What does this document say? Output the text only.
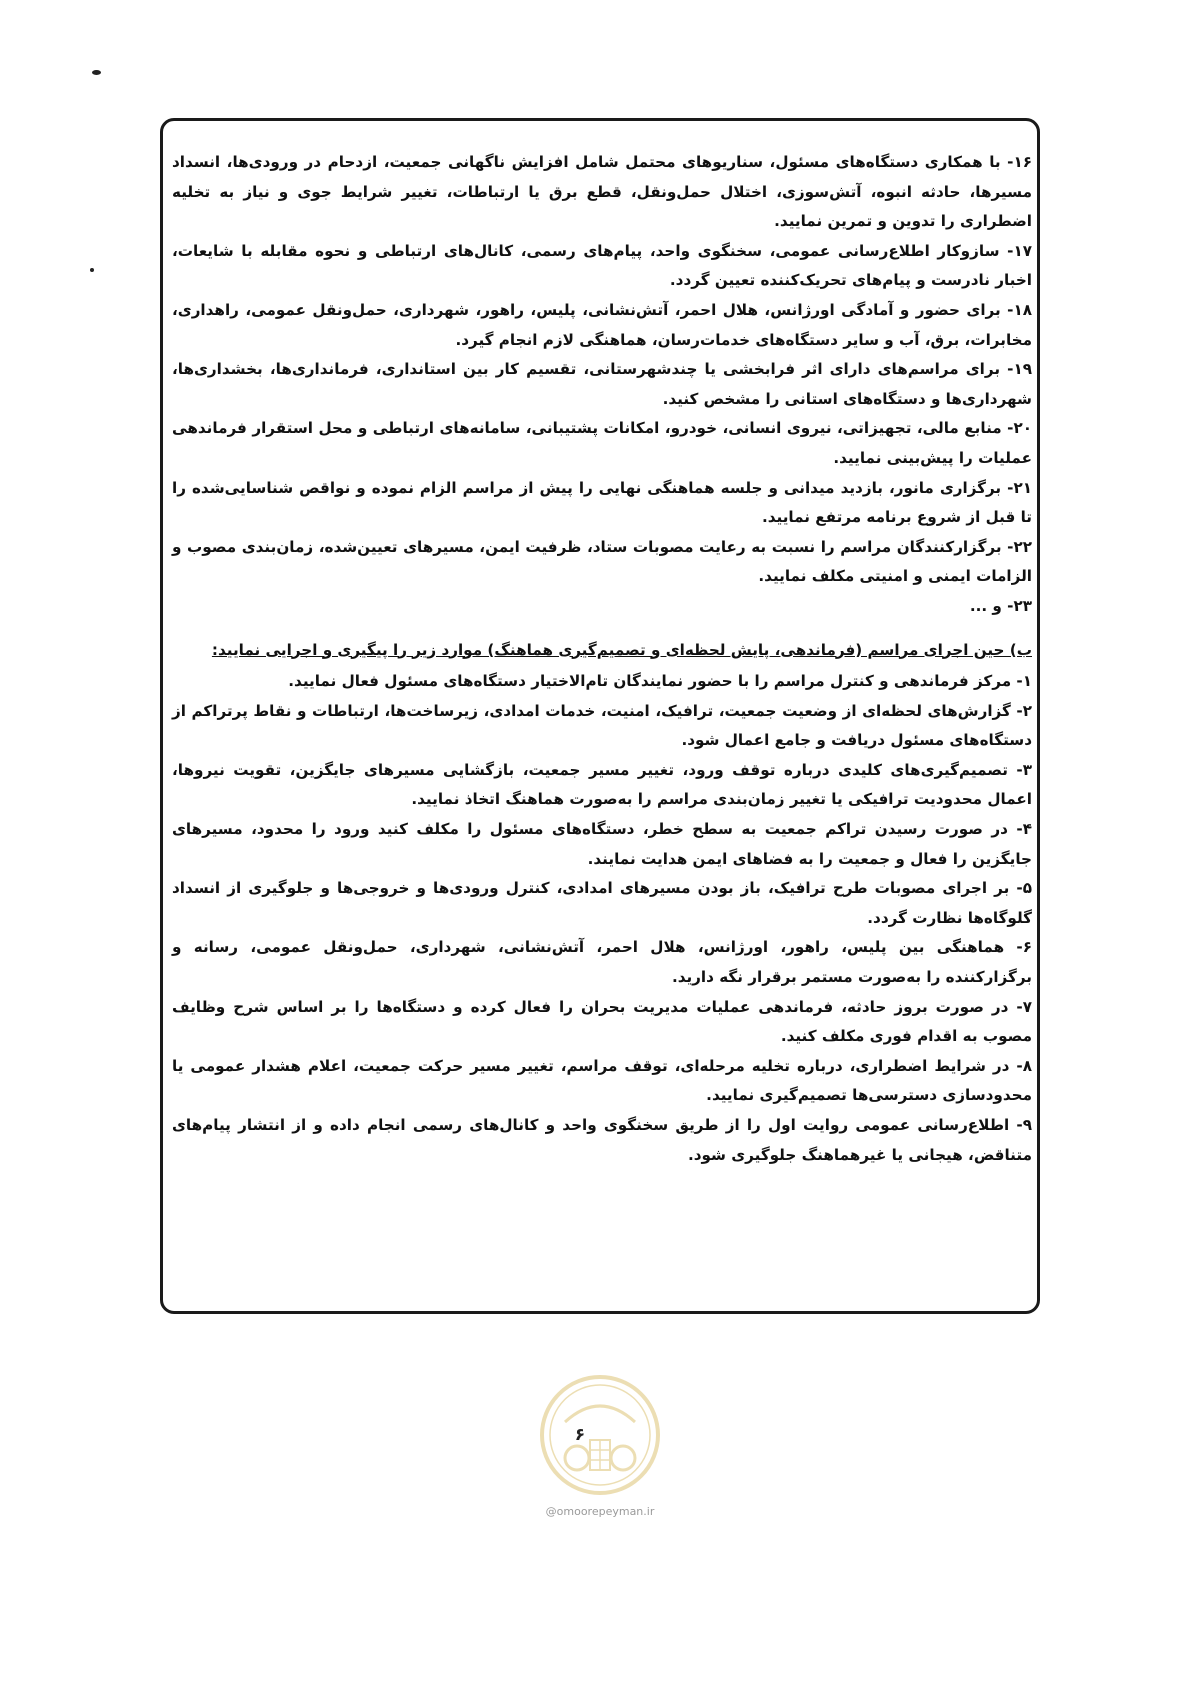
۱۶- با همکاری دستگاه‌های مسئول، سناریوهای محتمل شامل افزایش ناگهانی جمعیت، ازدحام در ورودی‌ها، انسداد مسیرها، حادثه انبوه، آتش‌سوزی، اختلال حمل‌ونقل، قطع برق یا ارتباطات، تغییر شرایط جوی و نیاز به تخلیه اضطراری را تدوین و تمرین نمایید.

۱۷- سازوکار اطلاع‌رسانی عمومی، سخنگوی واحد، پیام‌های رسمی، کانال‌های ارتباطی و نحوه مقابله با شایعات، اخبار نادرست و پیام‌های تحریک‌کننده تعیین گردد.

۱۸- برای حضور و آمادگی اورژانس، هلال احمر، آتش‌نشانی، پلیس، راهور، شهرداری، حمل‌ونقل عمومی، راهداری، مخابرات، برق، آب و سایر دستگاه‌های خدمات‌رسان، هماهنگی لازم انجام گیرد.

۱۹- برای مراسم‌های دارای اثر فرابخشی یا چندشهرستانی، تقسیم کار بین استانداری، فرمانداری‌ها، بخشداری‌ها، شهرداری‌ها و دستگاه‌های استانی را مشخص کنید.

۲۰- منابع مالی، تجهیزاتی، نیروی انسانی، خودرو، امکانات پشتیبانی، سامانه‌های ارتباطی و محل استقرار فرماندهی عملیات را پیش‌بینی نمایید.

۲۱- برگزاری مانور، بازدید میدانی و جلسه هماهنگی نهایی را پیش از مراسم الزام نموده و نواقص شناسایی‌شده را تا قبل از شروع برنامه مرتفع نمایید.

۲۲- برگزارکنندگان مراسم را نسبت به رعایت مصوبات ستاد، ظرفیت ایمن، مسیرهای تعیین‌شده، زمان‌بندی مصوب و الزامات ایمنی و امنیتی مکلف نمایید.

۲۳- و ...

ب) حین اجرای مراسم (فرماندهی، پایش لحظه‌ای و تصمیم‌گیری هماهنگ) موارد زیر را پیگیری و اجرایی نمایید:

۱- مرکز فرماندهی و کنترل مراسم را با حضور نمایندگان تام‌الاختیار دستگاه‌های مسئول فعال نمایید.

۲- گزارش‌های لحظه‌ای از وضعیت جمعیت، ترافیک، امنیت، خدمات امدادی، زیرساخت‌ها، ارتباطات و نقاط پرتراکم از دستگاه‌های مسئول دریافت و جامع اعمال شود.

۳- تصمیم‌گیری‌های کلیدی درباره توقف ورود، تغییر مسیر جمعیت، بازگشایی مسیرهای جایگزین، تقویت نیروها، اعمال محدودیت ترافیکی یا تغییر زمان‌بندی مراسم را به‌صورت هماهنگ اتخاذ نمایید.

۴- در صورت رسیدن تراکم جمعیت به سطح خطر، دستگاه‌های مسئول را مکلف کنید ورود را محدود، مسیرهای جایگزین را فعال و جمعیت را به فضاهای ایمن هدایت نمایند.

۵- بر اجرای مصوبات طرح ترافیک، باز بودن مسیرهای امدادی، کنترل ورودی‌ها و خروجی‌ها و جلوگیری از انسداد گلوگاه‌ها نظارت گردد.

۶- هماهنگی بین پلیس، راهور، اورژانس، هلال احمر، آتش‌نشانی، شهرداری، حمل‌ونقل عمومی، رسانه و برگزارکننده را به‌صورت مستمر برقرار نگه دارید.

۷- در صورت بروز حادثه، فرماندهی عملیات مدیریت بحران را فعال کرده و دستگاه‌ها را بر اساس شرح وظایف مصوب به اقدام فوری مکلف کنید.

۸- در شرایط اضطراری، درباره تخلیه مرحله‌ای، توقف مراسم، تغییر مسیر حرکت جمعیت، اعلام هشدار عمومی یا محدودسازی دسترسی‌ها تصمیم‌گیری نمایید.

۹- اطلاع‌رسانی عمومی روایت اول را از طریق سخنگوی واحد و کانال‌های رسمی انجام داده و از انتشار پیام‌های متناقض، هیجانی یا غیرهماهنگ جلوگیری شود.

۶
@omoorepeyman.ir
